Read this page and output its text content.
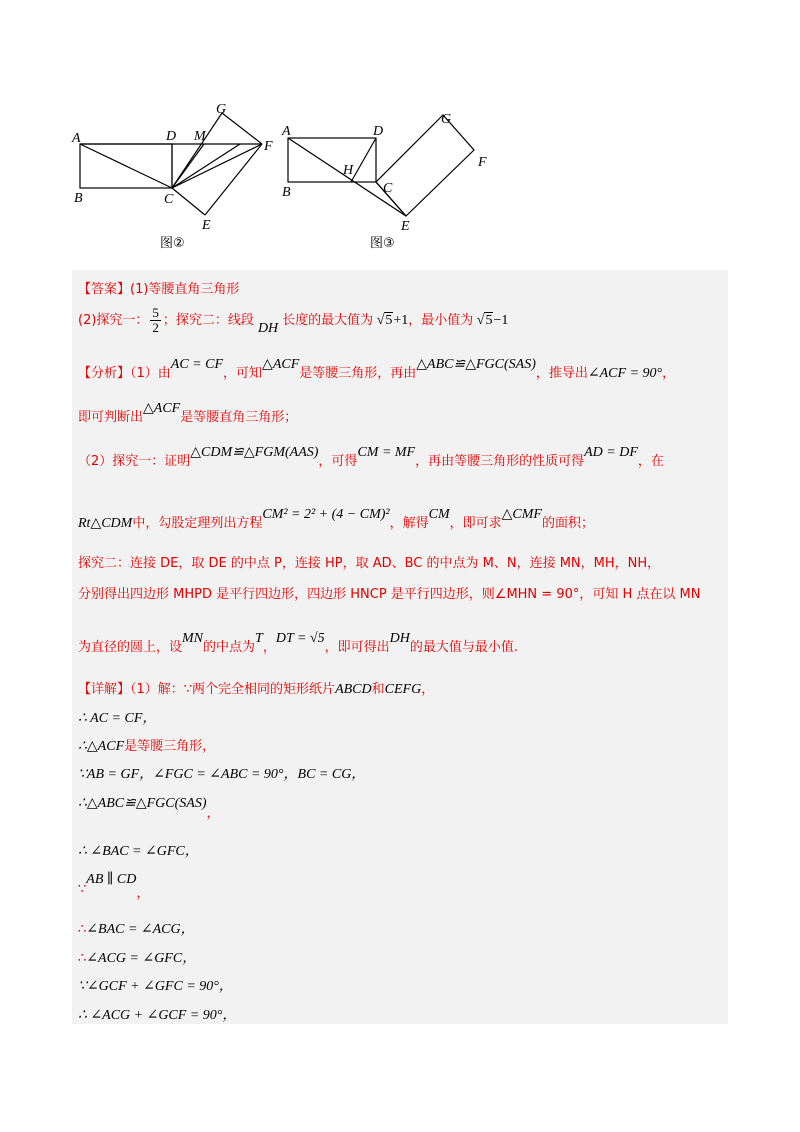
A
B	C
D
E
F
G
M
图②
A
B	C
D
E
F
G
H
图③
【答案】(1)等腰直角三角形
(2)探究一： $\frac{5}{2}$ ；探究二：线段DH长度的最大值为 √5+1，最小值为 √5−1
【分析】（1）由AC = CF，可知△ACF是等腰三角形，再由△ABC≌△FGC(SAS)，推导出∠ACF = 90°，
即可判断出△ACF是等腰直角三角形；
（2）探究一：证明△CDM≌△FGM(AAS)，可得CM = MF，再由等腰三角形的性质可得AD = DF，在
Rt△CDM中，勾股定理列出方程CM² = 2² + (4 − CM)²，解得CM，即可求△CMF的面积；
探究二：连接 DE，取 DE 的中点 P，连接 HP，取 AD、BC 的中点为 M、N，连接 MN，MH，NH，
分别得出四边形 MHPD 是平行四边形，四边形 HNCP 是平行四边形，则∠MHN = 90°，可知 H 点在以 MN
为直径的圆上，设MN的中点为T，DT = √5，即可得出DH的最大值与最小值.
【详解】（1）解：∵两个完全相同的矩形纸片ABCD和CEFG，
∴ AC = CF，
∴△ACF是等腰三角形，
∵AB = GF，∠FGC = ∠ABC = 90°，BC = CG，
∴△ABC≌△FGC(SAS)，
∴ ∠BAC = ∠GFC，
∵AB ∥ CD，
∴∠BAC = ∠ACG，
∴∠ACG = ∠GFC，
∵∠GCF + ∠GFC = 90°，
∴ ∠ACG + ∠GCF = 90°，
